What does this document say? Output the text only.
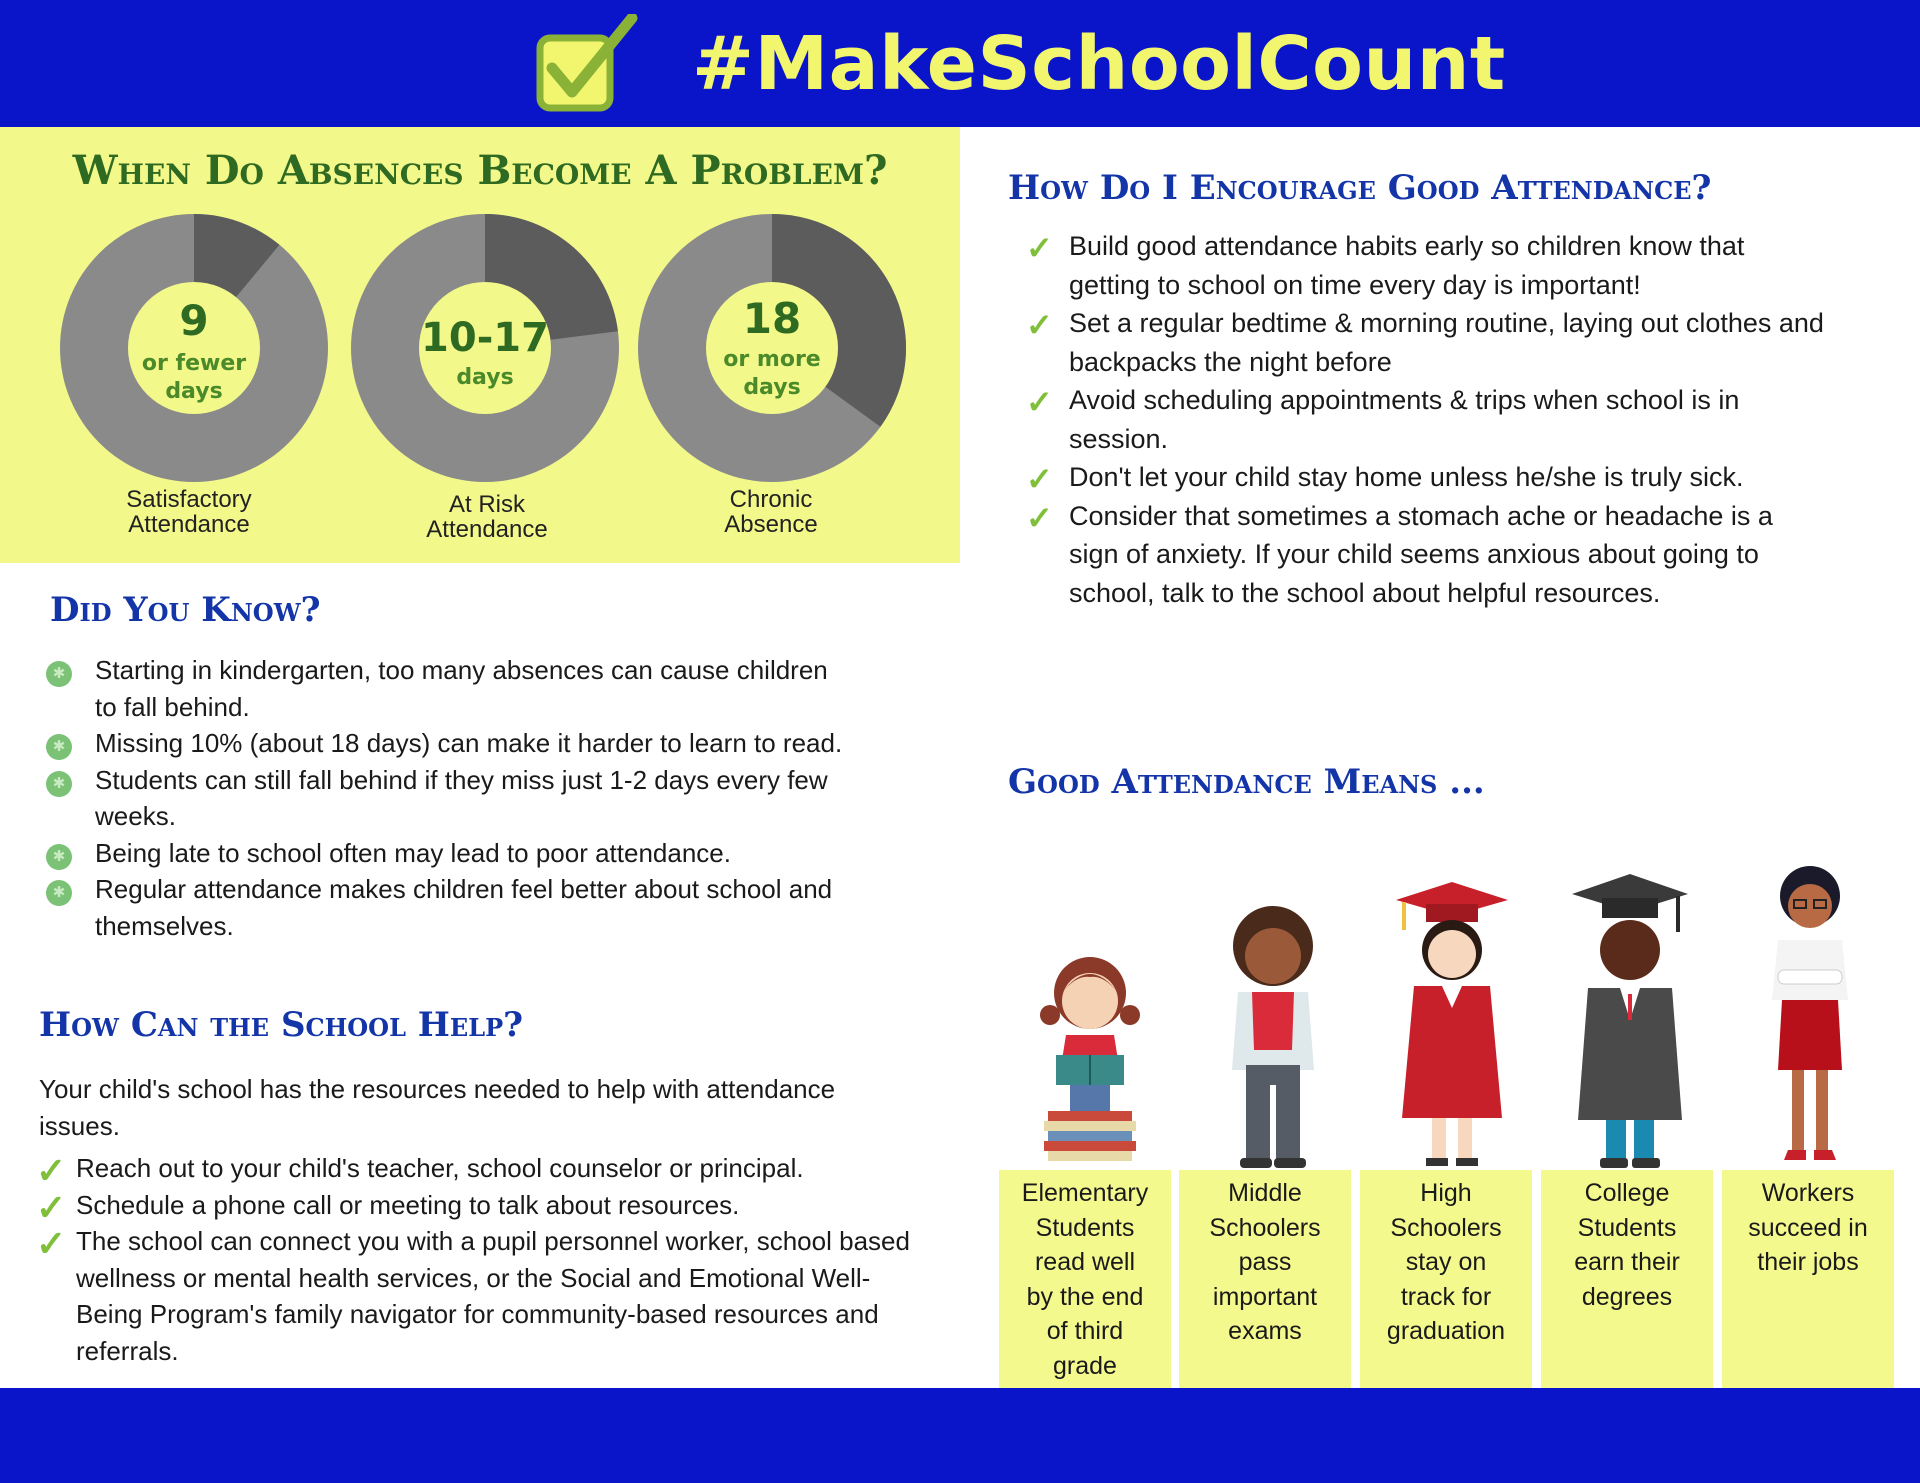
#MakeSchoolCount
When Do Absences Become A Problem?
9
or fewer
days
10-17
days
18
or more
days
Satisfactory
Attendance
At Risk
Attendance
Chronic
Absence
Did You Know?
✱
Starting in kindergarten, too many absences can cause children to fall behind.
✱
Missing 10% (about 18 days) can make it harder to learn to read.
✱
Students can still fall behind if they miss just 1-2 days every few weeks.
✱
Being late to school often may lead to poor attendance.
✱
Regular attendance makes children feel better about school and themselves.
How Can the School Help?
Your child's school has the resources needed to help with attendance issues.
✓ Reach out to your child's teacher, school counselor or principal.
✓ Schedule a phone call or meeting to talk about resources.
✓ The school can connect you with a pupil personnel worker, school based wellness or mental health services, or the Social and Emotional Well-Being Program's family navigator for community-based resources and referrals.
How Do I Encourage Good Attendance?
✓ Build good attendance habits early so children know that getting to school on time every day is important!
✓ Set a regular bedtime & morning routine, laying out clothes and backpacks the night before
✓ Avoid scheduling appointments & trips when school is in session.
✓ Don't let your child stay home unless he/she is truly sick.
✓ Consider that sometimes a stomach ache or headache is a sign of anxiety. If your child seems anxious about going to school, talk to the school about helpful resources.
Good Attendance Means ...
Elementary
Students
read well
by the end
of third
grade
Middle
Schoolers
pass
important
exams
High
Schoolers
stay on
track for
graduation
College
Students
earn their
degrees
Workers
succeed in
their jobs
